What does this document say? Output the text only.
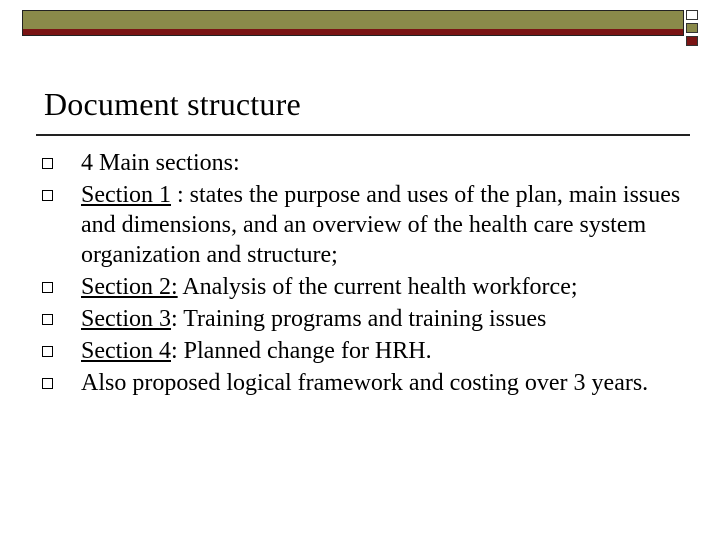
Document structure
4 Main sections:
Section 1 : states the purpose and uses of the plan, main issues and dimensions, and an overview of the health care system organization and structure;
Section 2: Analysis of the current health workforce;
Section 3: Training programs and training issues
Section 4: Planned change for HRH.
Also proposed logical framework and costing over 3 years.
